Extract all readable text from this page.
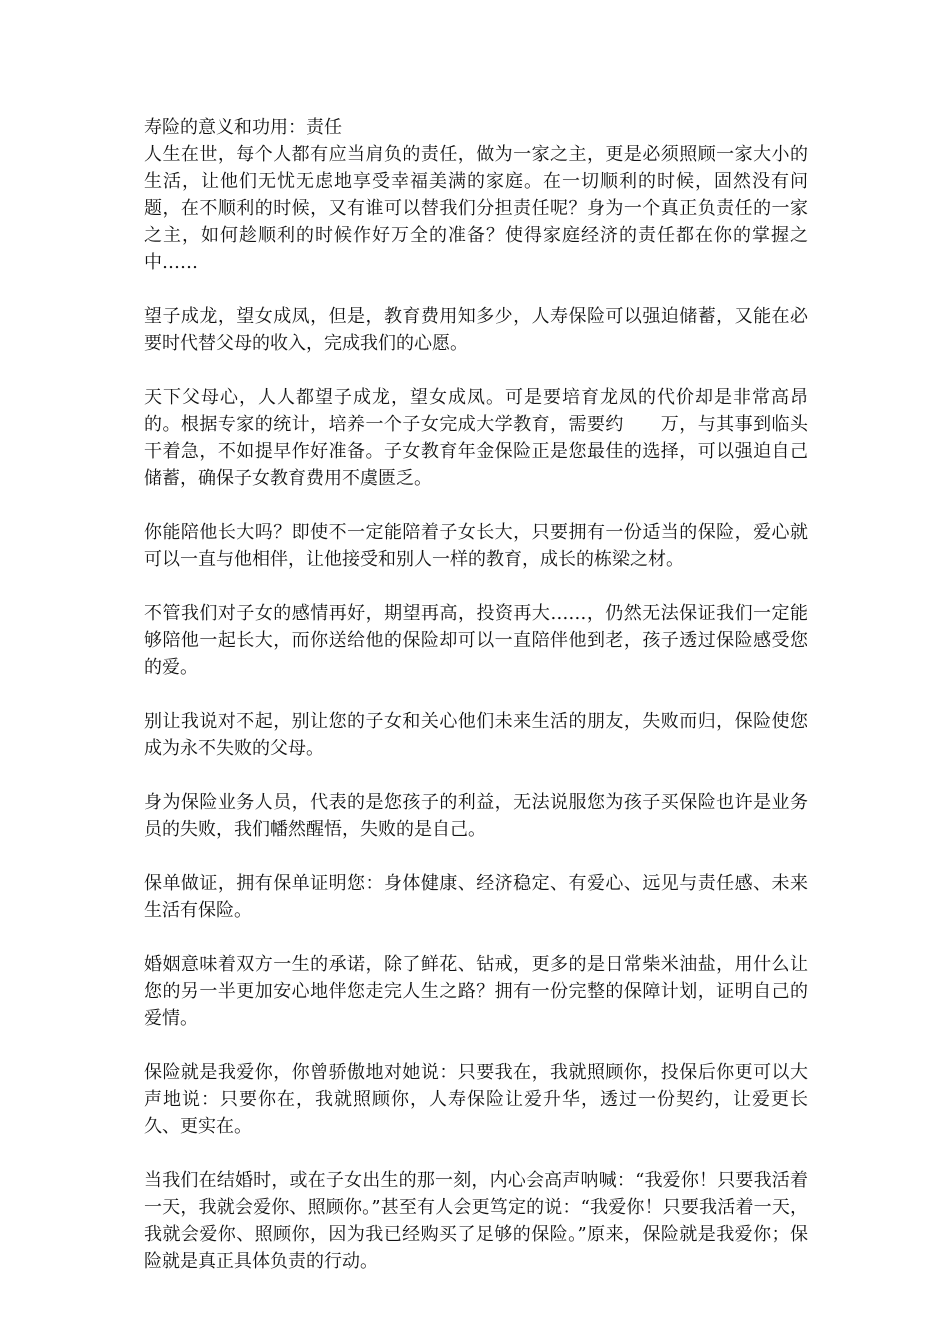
寿险的意义和功用：责任

人生在世，每个人都有应当肩负的责任，做为一家之主，更是必须照顾一家大小的生活，让他们无忧无虑地享受幸福美满的家庭。在一切顺利的时候，固然没有问题，在不顺利的时候，又有谁可以替我们分担责任呢？身为一个真正负责任的一家之主，如何趁顺利的时候作好万全的准备？使得家庭经济的责任都在你的掌握之中……

望子成龙，望女成凤，但是，教育费用知多少，人寿保险可以强迫储蓄，又能在必要时代替父母的收入，完成我们的心愿。

天下父母心，人人都望子成龙，望女成凤。可是要培育龙凤的代价却是非常高昂的。根据专家的统计，培养一个子女完成大学教育，需要约　　万，与其事到临头干着急，不如提早作好准备。子女教育年金保险正是您最佳的选择，可以强迫自己储蓄，确保子女教育费用不虞匮乏。

你能陪他长大吗？即使不一定能陪着子女长大，只要拥有一份适当的保险，爱心就可以一直与他相伴，让他接受和别人一样的教育，成长的栋梁之材。

不管我们对子女的感情再好，期望再高，投资再大……，仍然无法保证我们一定能够陪他一起长大，而你送给他的保险却可以一直陪伴他到老，孩子透过保险感受您的爱。

别让我说对不起，别让您的子女和关心他们未来生活的朋友，失败而归，保险使您成为永不失败的父母。

身为保险业务人员，代表的是您孩子的利益，无法说服您为孩子买保险也许是业务员的失败，我们幡然醒悟，失败的是自己。

保单做证，拥有保单证明您：身体健康、经济稳定、有爱心、远见与责任感、未来生活有保险。

婚姻意味着双方一生的承诺，除了鲜花、钻戒，更多的是日常柴米油盐，用什么让您的另一半更加安心地伴您走完人生之路？拥有一份完整的保障计划，证明自己的爱情。

保险就是我爱你，你曾骄傲地对她说：只要我在，我就照顾你，投保后你更可以大声地说：只要你在，我就照顾你，人寿保险让爱升华，透过一份契约，让爱更长久、更实在。

当我们在结婚时，或在子女出生的那一刻，内心会高声呐喊：“我爱你！只要我活着一天，我就会爱你、照顾你。”甚至有人会更笃定的说：“我爱你！只要我活着一天，我就会爱你、照顾你，因为我已经购买了足够的保险。”原来，保险就是我爱你；保险就是真正具体负责的行动。
